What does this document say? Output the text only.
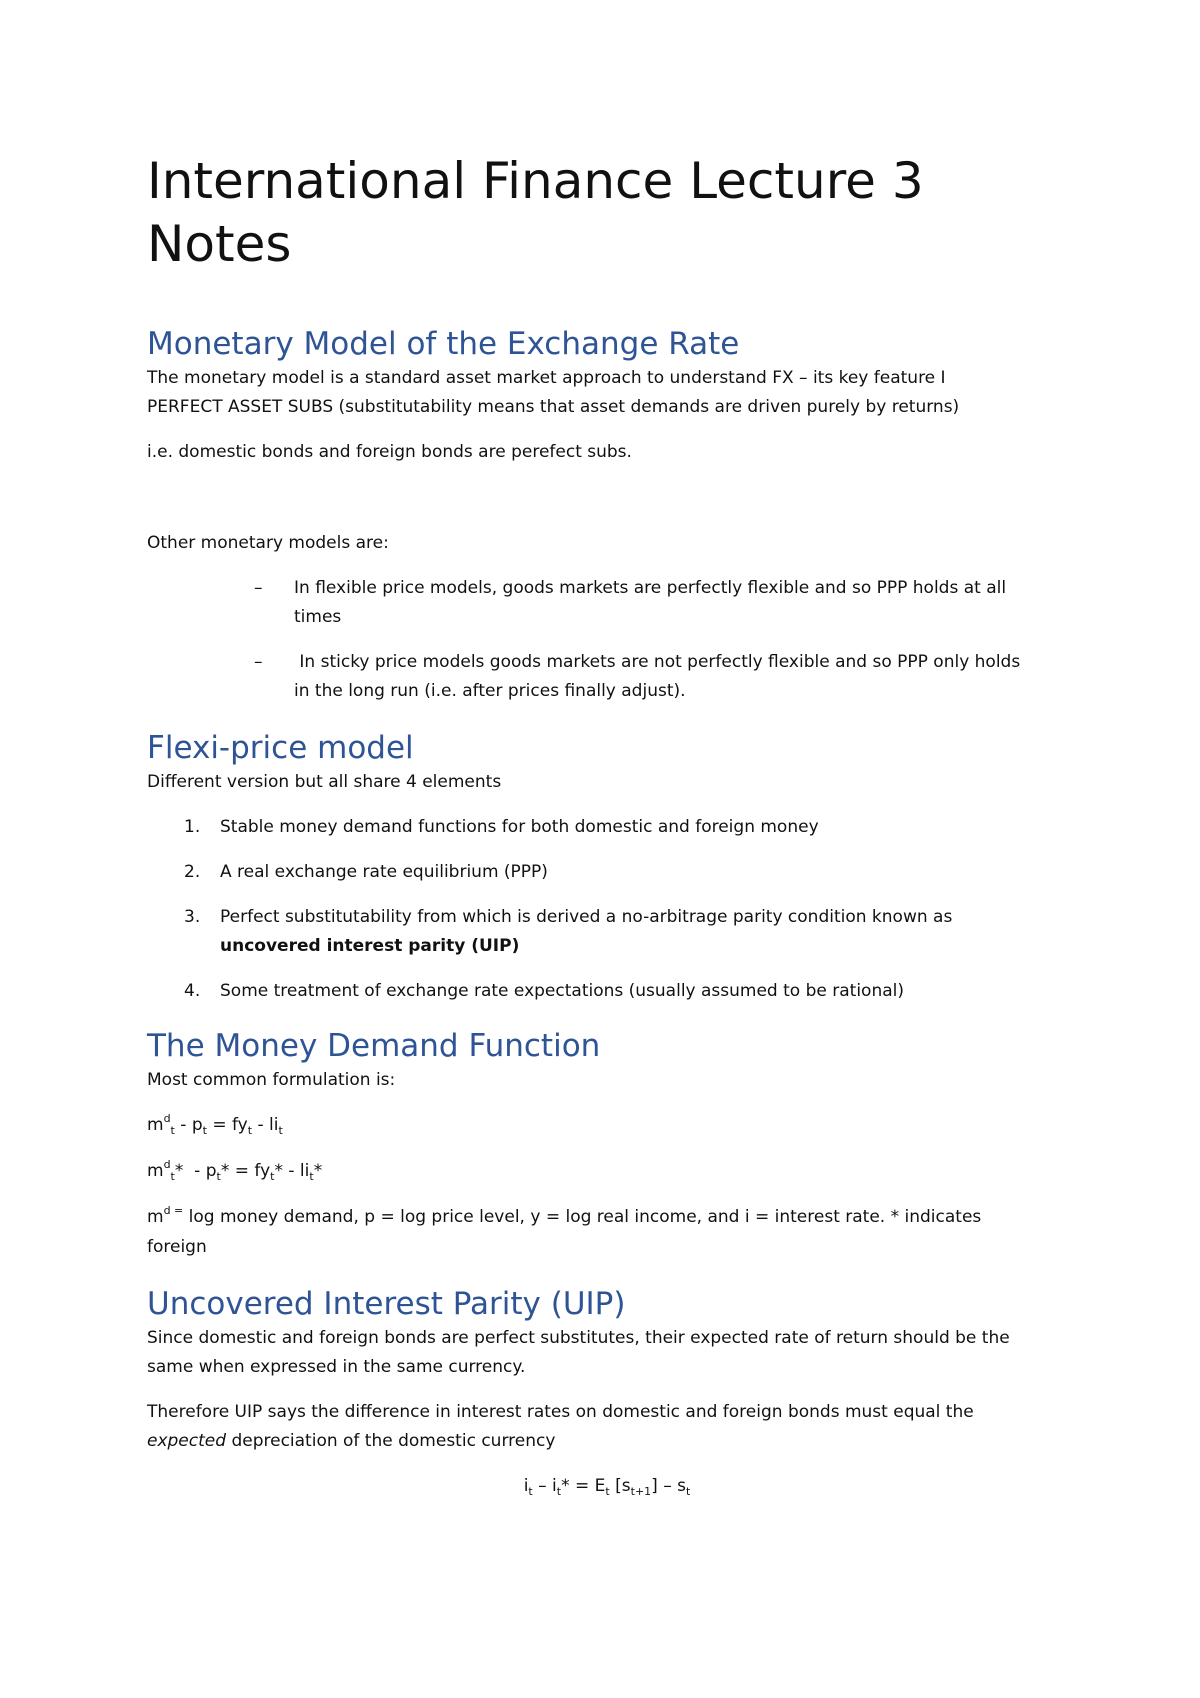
International Finance Lecture 3
Notes
Monetary Model of the Exchange Rate

The monetary model is a standard asset market approach to understand FX – its key feature I
PERFECT ASSET SUBS (substitutability means that asset demands are driven purely by returns)

i.e. domestic bonds and foreign bonds are perefect subs.

Other monetary models are:

– In flexible price models, goods markets are perfectly flexible and so PPP holds at all
times
– In sticky price models goods markets are not perfectly flexible and so PPP only holds
in the long run (i.e. after prices finally adjust).
Flexi-price model

Different version but all share 4 elements

1. Stable money demand functions for both domestic and foreign money
2. A real exchange rate equilibrium (PPP)
3. Perfect substitutability from which is derived a no-arbitrage parity condition known as
uncovered interest parity (UIP)
4. Some treatment of exchange rate expectations (usually assumed to be rational)
The Money Demand Function

Most common formulation is:

$m^d_t - p_t = fy_t - li_t$

$m^d_t* - p_t* = fy_t* - li_t*$

$m^{d =}$ log money demand, p = log price level, y = log real income, and i = interest rate. * indicates
foreign

Uncovered Interest Parity (UIP)

Since domestic and foreign bonds are perfect substitutes, their expected rate of return should be the
same when expressed in the same currency.

Therefore UIP says the difference in interest rates on domestic and foreign bonds must equal the
expected depreciation of the domestic currency

$i_t - i_t* = E_t$ $[s_{t+1}] - s_t$
